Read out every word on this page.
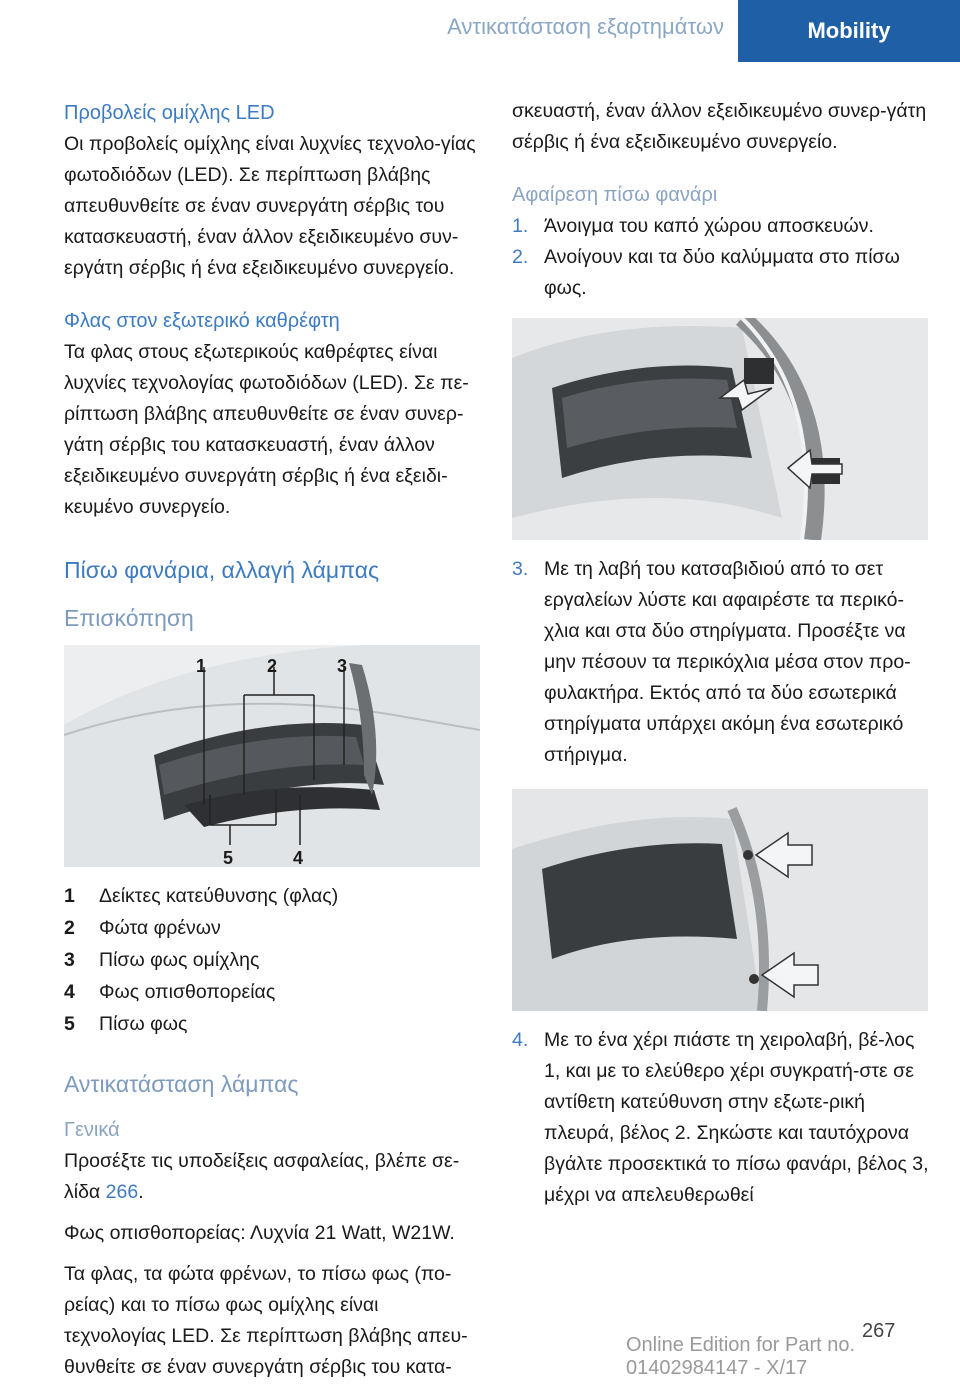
Αντικατάσταση εξαρτημάτων	Mobility
Προβολείς ομίχλης LED

Οι προβολείς ομίχλης είναι λυχνίες τεχνολο-γίας φωτοδιόδων (LED). Σε περίπτωση βλάβης απευθυνθείτε σε έναν συνεργάτη σέρβις του κατασκευαστή, έναν άλλον εξειδικευμένο συν-εργάτη σέρβις ή ένα εξειδικευμένο συνεργείο.

Φλας στον εξωτερικό καθρέφτη

Τα φλας στους εξωτερικούς καθρέφτες είναι λυχνίες τεχνολογίας φωτοδιόδων (LED). Σε πε-ρίπτωση βλάβης απευθυνθείτε σε έναν συνερ-γάτη σέρβις του κατασκευαστή, έναν άλλον εξειδικευμένο συνεργάτη σέρβις ή ένα εξειδι-κευμένο συνεργείο.

Πίσω φανάρια, αλλαγή λάμπας
Επισκόπηση
1	2	3
5	4
1	Δείκτες κατεύθυνσης (φλας)
2	Φώτα φρένων
3	Πίσω φως ομίχλης
4	Φως οπισθοπορείας
5	Πίσω φως
Αντικατάσταση λάμπας
Γενικά

Προσέξτε τις υποδείξεις ασφαλείας, βλέπε σε-λίδα 266.

Φως οπισθοπορείας: Λυχνία 21 Watt, W21W.

Τα φλας, τα φώτα φρένων, το πίσω φως (πο-ρείας) και το πίσω φως ομίχλης είναι τεχνολογίας LED. Σε περίπτωση βλάβης απευ-θυνθείτε σε έναν συνεργάτη σέρβις του κατα-

σκευαστή, έναν άλλον εξειδικευμένο συνερ-γάτη σέρβις ή ένα εξειδικευμένο συνεργείο.

Αφαίρεση πίσω φανάρι
1. Άνοιγμα του καπό χώρου αποσκευών.
2. Ανοίγουν και τα δύο καλύμματα στο πίσω φως.
3. Με τη λαβή του κατσαβιδιού από το σετ εργαλείων λύστε και αφαιρέστε τα περικό-χλια και στα δύο στηρίγματα. Προσέξτε να μην πέσουν τα περικόχλια μέσα στον προ-φυλακτήρα. Εκτός από τα δύο εσωτερικά στηρίγματα υπάρχει ακόμη ένα εσωτερικό στήριγμα.
4. Με το ένα χέρι πιάστε τη χειρολαβή, βέ-λος 1, και με το ελεύθερο χέρι συγκρατή-στε σε αντίθετη κατεύθυνση στην εξωτε-ρική πλευρά, βέλος 2. Σηκώστε και ταυτόχρονα βγάλτε προσεκτικά το πίσω φανάρι, βέλος 3, μέχρι να απελευθερωθεί
267
Online Edition for Part no. 01402984147 - X/17
